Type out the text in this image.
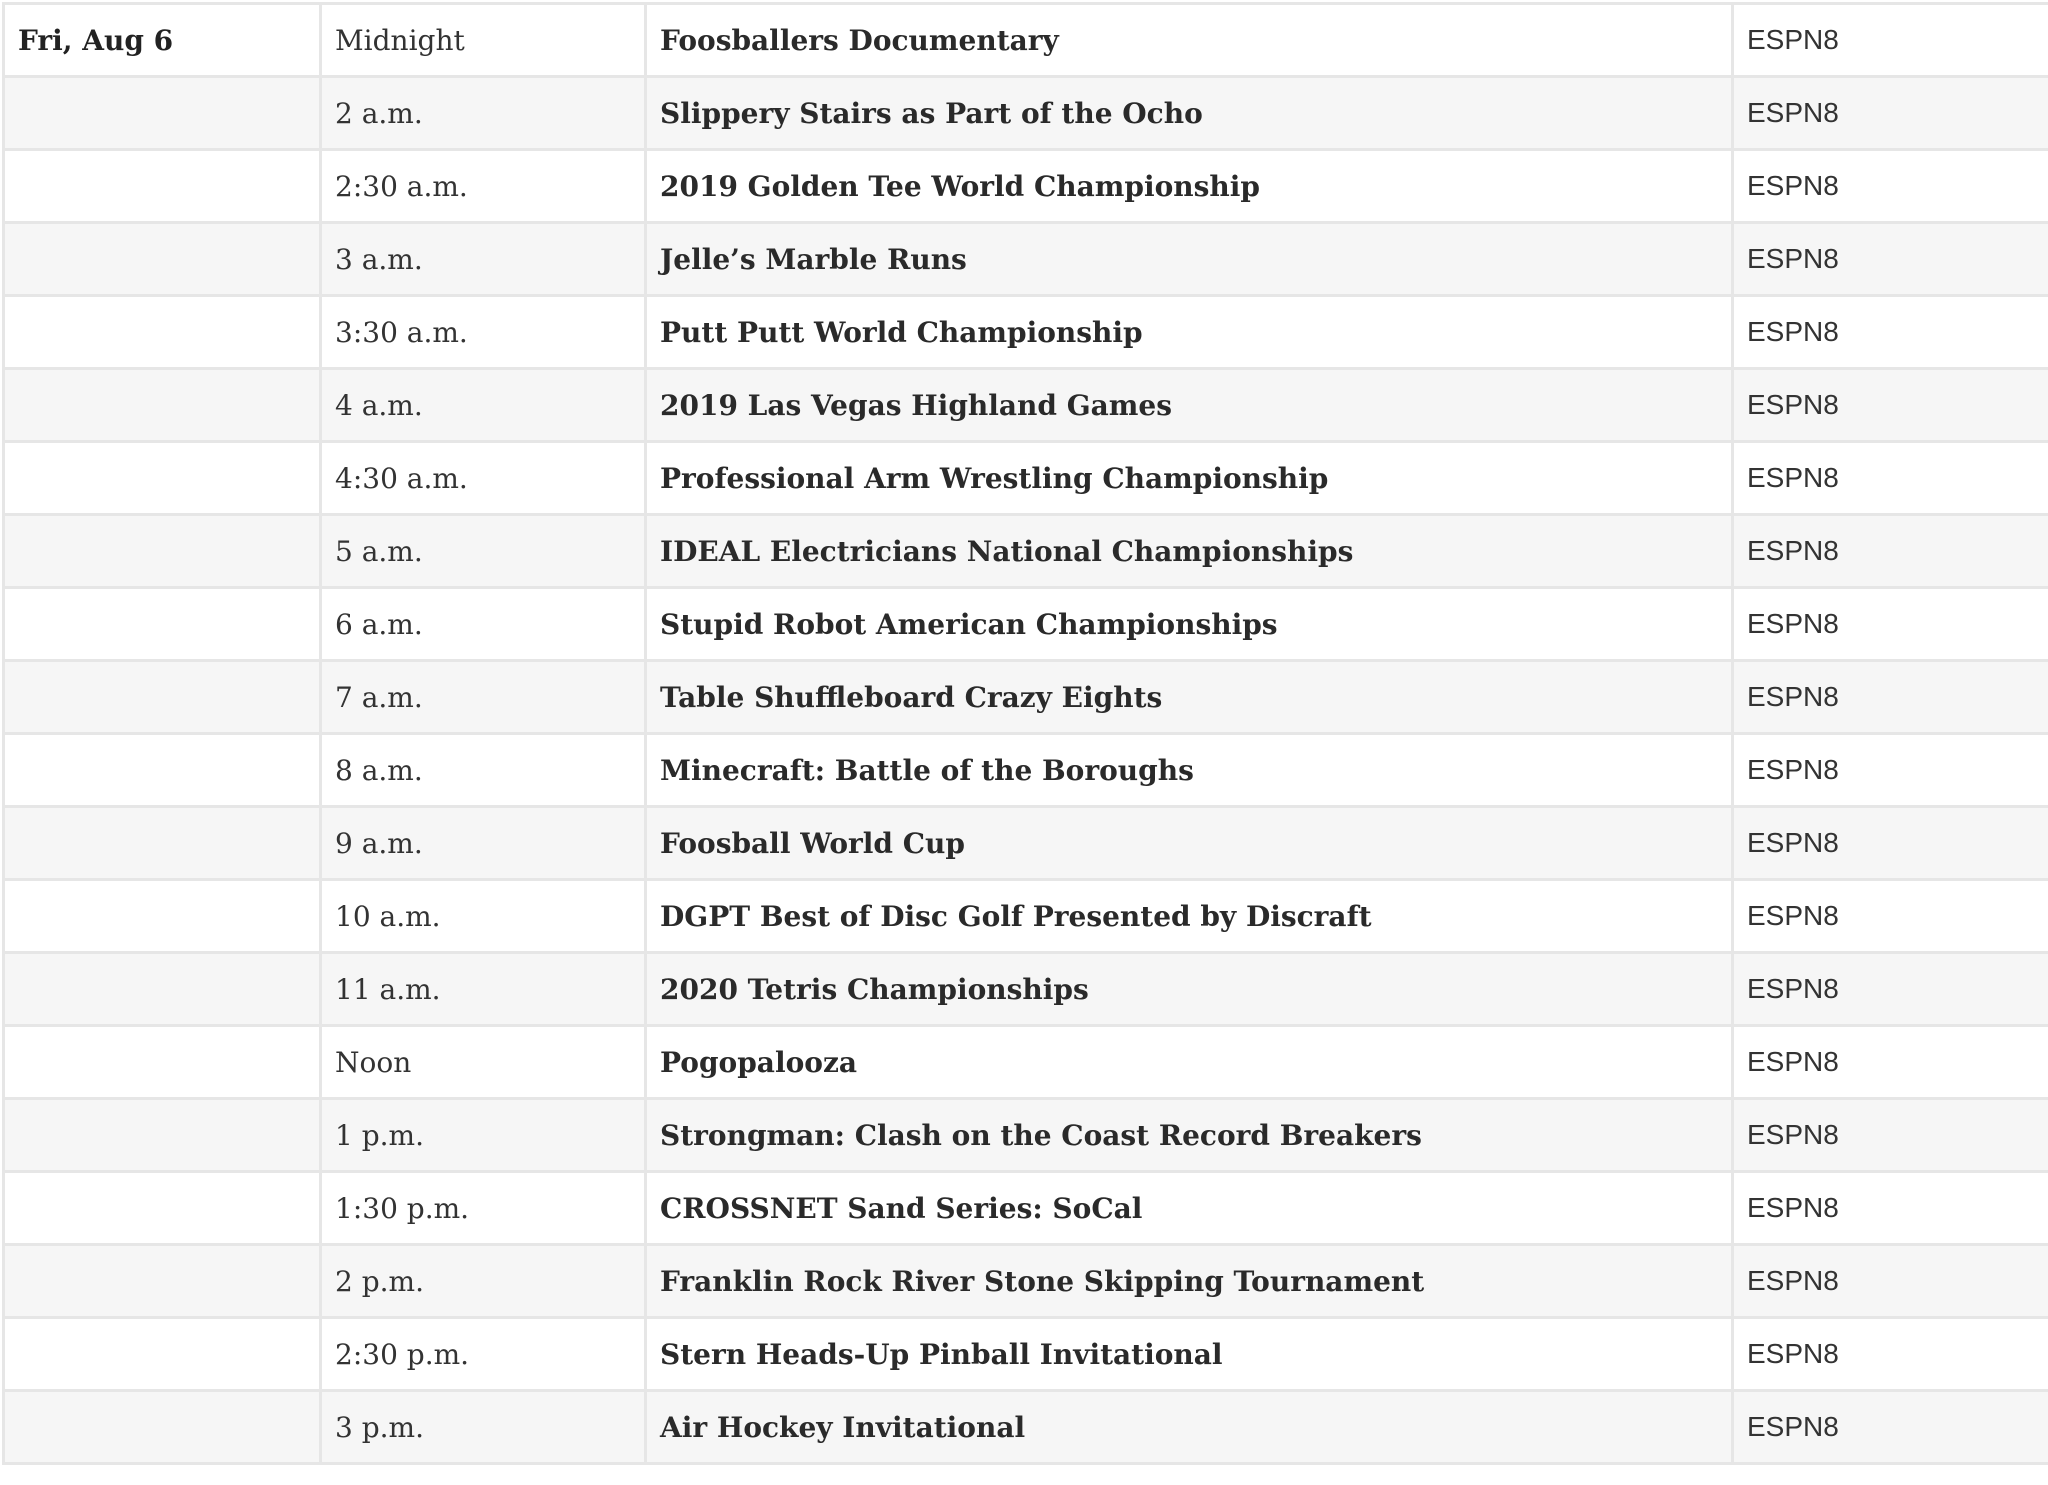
Fri, Aug 6	Midnight	Foosballers Documentary	ESPN8
	2 a.m.	Slippery Stairs as Part of the Ocho	ESPN8
	2:30 a.m.	2019 Golden Tee World Championship	ESPN8
	3 a.m.	Jelle’s Marble Runs	ESPN8
	3:30 a.m.	Putt Putt World Championship	ESPN8
	4 a.m.	2019 Las Vegas Highland Games	ESPN8
	4:30 a.m.	Professional Arm Wrestling Championship	ESPN8
	5 a.m.	IDEAL Electricians National Championships	ESPN8
	6 a.m.	Stupid Robot American Championships	ESPN8
	7 a.m.	Table Shuffleboard Crazy Eights	ESPN8
	8 a.m.	Minecraft: Battle of the Boroughs	ESPN8
	9 a.m.	Foosball World Cup	ESPN8
	10 a.m.	DGPT Best of Disc Golf Presented by Discraft	ESPN8
	11 a.m.	2020 Tetris Championships	ESPN8
	Noon	Pogopalooza	ESPN8
	1 p.m.	Strongman: Clash on the Coast Record Breakers	ESPN8
	1:30 p.m.	CROSSNET Sand Series: SoCal	ESPN8
	2 p.m.	Franklin Rock River Stone Skipping Tournament	ESPN8
	2:30 p.m.	Stern Heads-Up Pinball Invitational	ESPN8
	3 p.m.	Air Hockey Invitational	ESPN8
